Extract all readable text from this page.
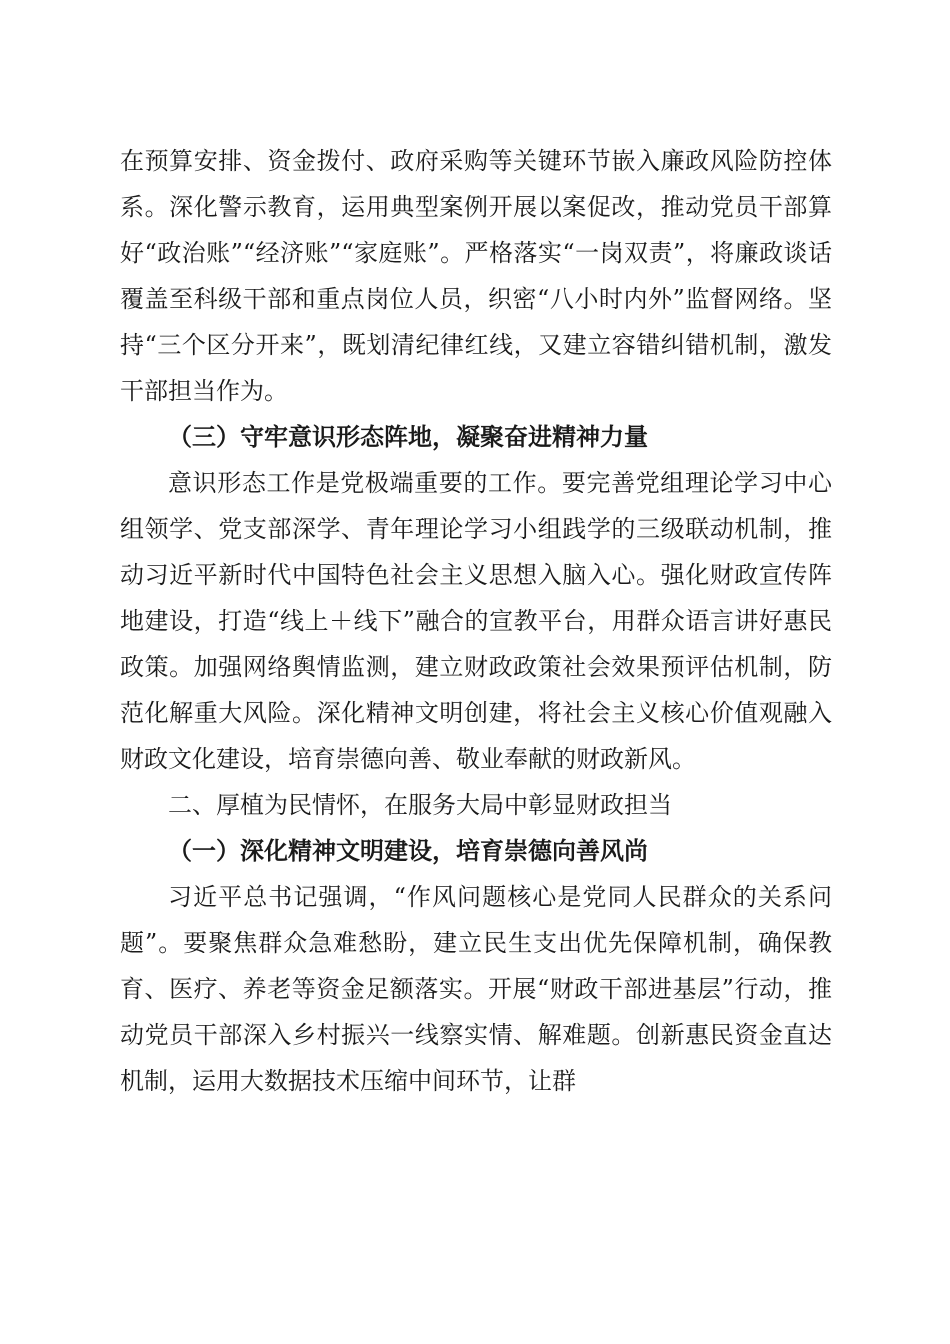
在预算安排、资金拨付、政府采购等关键环节嵌入廉政风险防控体系。深化警示教育，运用典型案例开展以案促改，推动党员干部算好“政治账”“经济账”“家庭账”。严格落实“一岗双责”，将廉政谈话覆盖至科级干部和重点岗位人员，织密“八小时内外”监督网络。坚持“三个区分开来”，既划清纪律红线，又建立容错纠错机制，激发干部担当作为。

（三）守牢意识形态阵地，凝聚奋进精神力量

意识形态工作是党极端重要的工作。要完善党组理论学习中心组领学、党支部深学、青年理论学习小组践学的三级联动机制，推动习近平新时代中国特色社会主义思想入脑入心。强化财政宣传阵地建设，打造“线上＋线下”融合的宣教平台，用群众语言讲好惠民政策。加强网络舆情监测，建立财政政策社会效果预评估机制，防范化解重大风险。深化精神文明创建，将社会主义核心价值观融入财政文化建设，培育崇德向善、敬业奉献的财政新风。

二、厚植为民情怀，在服务大局中彰显财政担当

（一）深化精神文明建设，培育崇德向善风尚

习近平总书记强调，“作风问题核心是党同人民群众的关系问题”。要聚焦群众急难愁盼，建立民生支出优先保障机制，确保教育、医疗、养老等资金足额落实。开展“财政干部进基层”行动，推动党员干部深入乡村振兴一线察实情、解难题。创新惠民资金直达机制，运用大数据技术压缩中间环节，让群
